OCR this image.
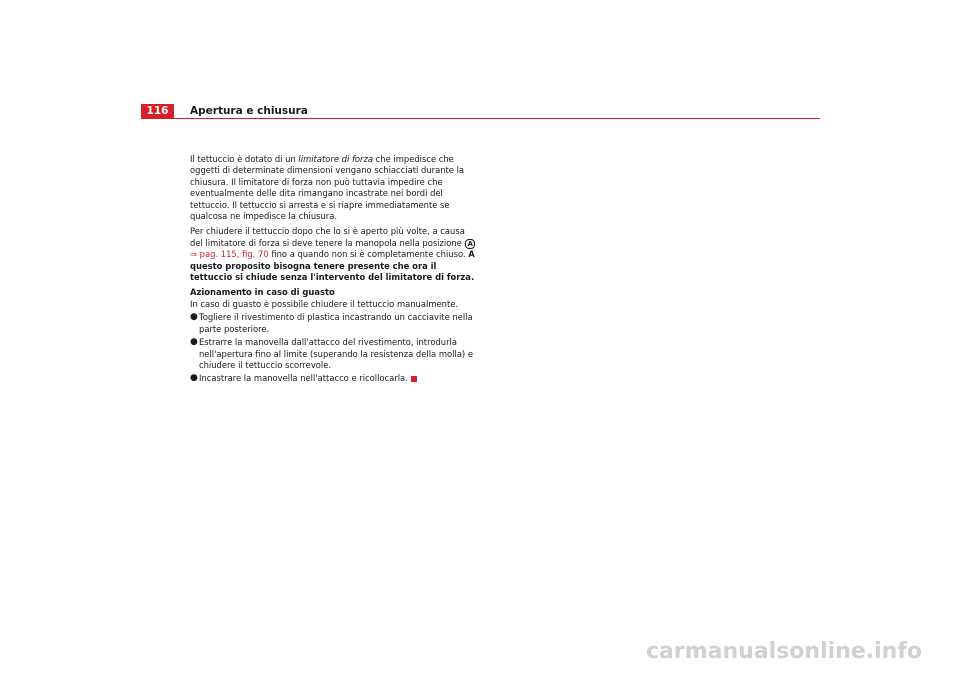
116	Apertura e chiusura

Il tettuccio è dotato di un limitatore di forza che impedisce che oggetti di determinate dimensioni vengano schiacciati durante la chiusura. Il limitatore di forza non può tuttavia impedire che eventualmente delle dita rimangano incastrate nei bordi del tettuccio. Il tettuccio si arresta e si riapre immediatamente se qualcosa ne impedisce la chiusura.

Per chiudere il tettuccio dopo che lo si è aperto più volte, a causa del limitatore di forza si deve tenere la manopola nella posizione A ⇒ pag. 115, fig. 70 fino a quando non si è completamente chiuso. A questo proposito bisogna tenere presente che ora il tettuccio si chiude senza l'intervento del limitatore di forza.

Azionamento in caso di guasto

In caso di guasto è possibile chiudere il tettuccio manualmente.

● Togliere il rivestimento di plastica incastrando un cacciavite nella parte posteriore.
● Estrarre la manovella dall'attacco del rivestimento, introdurla nell'apertura fino al limite (superando la resistenza della molla) e chiudere il tettuccio scorrevole.
● Incastrare la manovella nell'attacco e ricollocarla.
carmanualsonline.info
